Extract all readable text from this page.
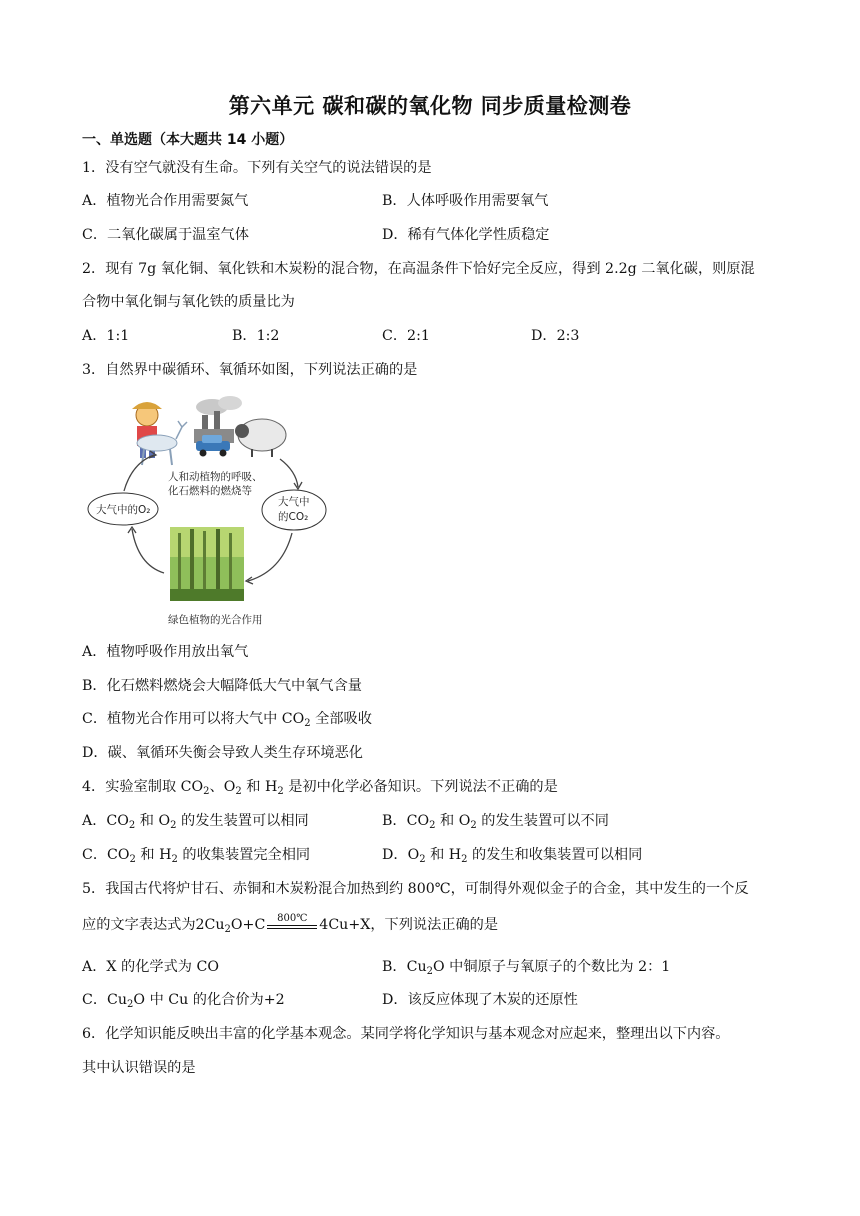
第六单元 碳和碳的氧化物 同步质量检测卷
一、单选题（本大题共 14 小题）
1．没有空气就没有生命。下列有关空气的说法错误的是
A．植物光合作用需要氮气	B．人体呼吸作用需要氧气
C．二氧化碳属于温室气体	D．稀有气体化学性质稳定
2．现有 7g 氧化铜、氧化铁和木炭粉的混合物，在高温条件下恰好完全反应，得到 2.2g 二氧化碳，则原混
合物中氧化铜与氧化铁的质量比为
A．1:1	B．1:2	C．2:1	D．2:3
3．自然界中碳循环、氧循环如图，下列说法正确的是
人和动植物的呼吸、
化石燃料的燃烧等
大气中的O₂
大气中
的CO₂
绿色植物的光合作用
A．植物呼吸作用放出氧气
B．化石燃料燃烧会大幅降低大气中氧气含量
C．植物光合作用可以将大气中 $CO_2$ 全部吸收
D．碳、氧循环失衡会导致人类生存环境恶化
4．实验室制取 $CO_2$、$O_2$ 和 $H_2$ 是初中化学必备知识。下列说法不正确的是
A．$CO_2$ 和 $O_2$ 的发生装置可以相同	B．$CO_2$ 和 $O_2$ 的发生装置可以不同
C．$CO_2$ 和 $H_2$ 的收集装置完全相同	D．$O_2$ 和 $H_2$ 的发生和收集装置可以相同
5．我国古代将炉甘石、赤铜和木炭粉混合加热到约 800℃，可制得外观似金子的合金，其中发生的一个反
应的文字表达式为$2Cu_2O+C$	800℃ 4Cu+X，下列说法正确的是
A．X 的化学式为 CO	B．$Cu_2O$ 中铜原子与氧原子的个数比为 2：1
C．$Cu_2O$ 中 Cu 的化合价为+2	D．该反应体现了木炭的还原性
6．化学知识能反映出丰富的化学基本观念。某同学将化学知识与基本观念对应起来，整理出以下内容。
其中认识错误的是
